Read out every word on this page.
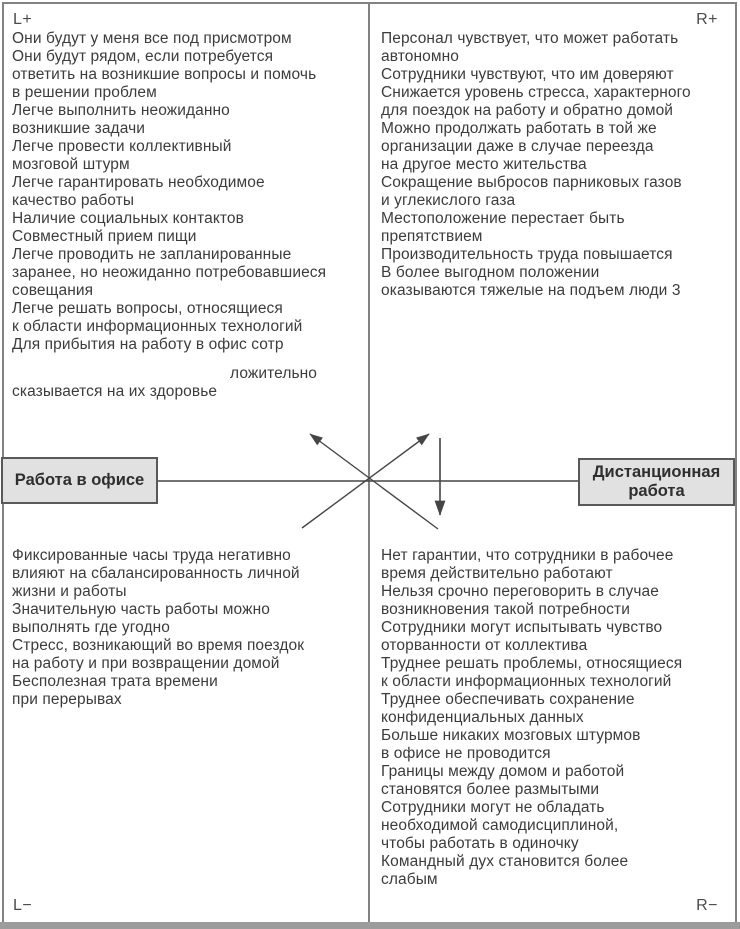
L+	R+
L−	R−
Они будут у меня все под присмотром
Они будут рядом, если потребуется
ответить на возникшие вопросы и помочь
в решении проблем
Легче выполнить неожиданно
возникшие задачи
Легче провести коллективный
мозговой штурм
Легче гарантировать необходимое
качество работы
Наличие социальных контактов
Совместный прием пищи
Легче проводить не запланированные
заранее, но неожиданно потребовавшиеся
совещания
Легче решать вопросы, относящиеся
к области информационных технологий
Для прибытия на работу в офис сотр
ложительно
сказывается на их здоровье
Персонал чувствует, что может работать
автономно
Сотрудники чувствуют, что им доверяют
Снижается уровень стресса, характерного
для поездок на работу и обратно домой
Можно продолжать работать в той же
организации даже в случае переезда
на другое место жительства
Сокращение выбросов парниковых газов
и углекислого газа
Местоположение перестает быть
препятствием
Производительность труда повышается
В более выгодном положении
оказываются тяжелые на подъем люди 3
Фиксированные часы труда негативно
влияют на сбалансированность личной
жизни и работы
Значительную часть работы можно
выполнять где угодно
Стресс, возникающий во время поездок
на работу и при возвращении домой
Бесполезная трата времени
при перерывах
Нет гарантии, что сотрудники в рабочее
время действительно работают
Нельзя срочно переговорить в случае
возникновения такой потребности
Сотрудники могут испытывать чувство
оторванности от коллектива
Труднее решать проблемы, относящиеся
к области информационных технологий
Труднее обеспечивать сохранение
конфиденциальных данных
Больше никаких мозговых штурмов
в офисе не проводится
Границы между домом и работой
становятся более размытыми
Сотрудники могут не обладать
необходимой самодисциплиной,
чтобы работать в одиночку
Командный дух становится более
слабым
Работа в офисе	Дистанционная работа
